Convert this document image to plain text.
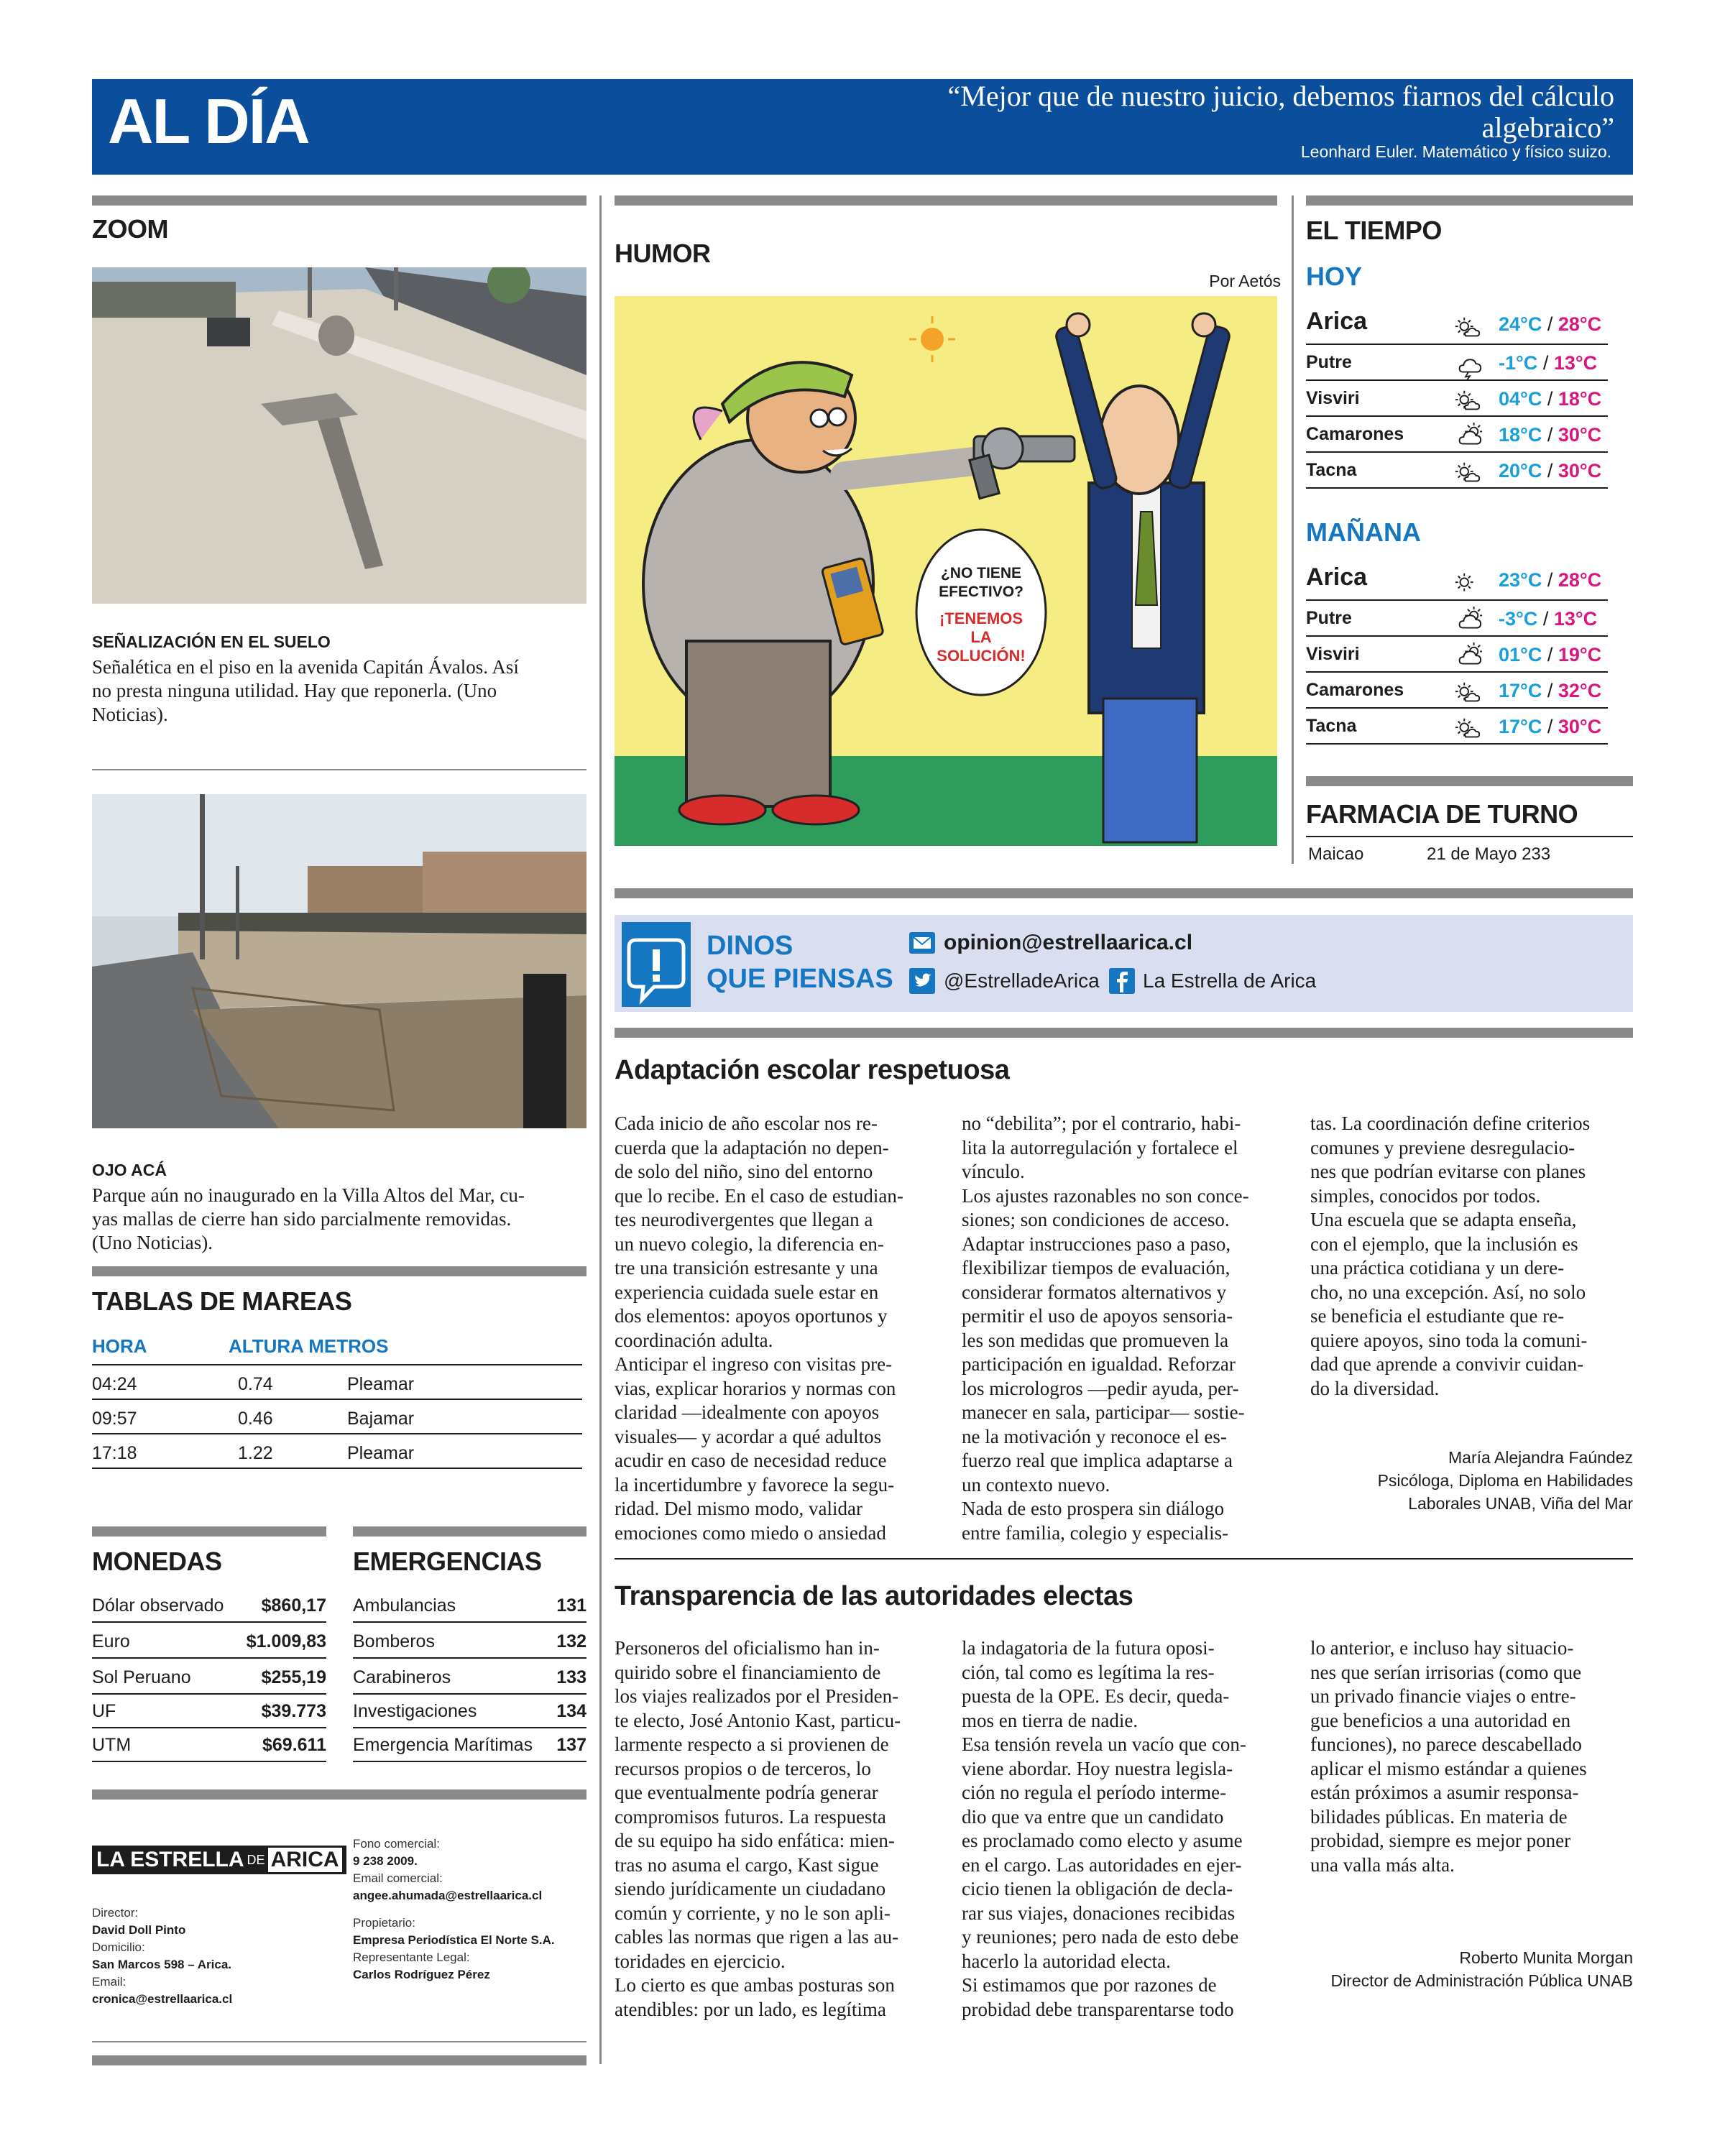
AL DÍA	“Mejor que de nuestro juicio, debemos fiarnos del cálculo
algebraico”
Leonhard Euler. Matemático y físico suizo.
ZOOM
SEÑALIZACIÓN EN EL SUELO
Señalética en el piso en la avenida Capitán Ávalos. Así
no presta ninguna utilidad. Hay que reponerla. (Uno
Noticias).
OJO ACÁ
Parque aún no inaugurado en la Villa Altos del Mar, cu-
yas mallas de cierre han sido parcialmente removidas.
(Uno Noticias).
TABLAS DE MAREAS
HORA	ALTURA METROS
04:24	0.74	Pleamar
09:57	0.46	Bajamar
17:18	1.22	Pleamar
MONEDAS
Dólar observado $860,17
Euro	$1.009,83
Sol Peruano	$255,19
UF	$39.773
UTM	$69.611
EMERGENCIAS
Ambulancias	131
Bomberos	132
Carabineros	133
Investigaciones	134
Emergencia Marítimas 137
LA ESTRELLA DE ARICA
Director:
David Doll Pinto
Domicilio:
San Marcos 598 – Arica.
Email:
cronica@estrellaarica.cl
Fono comercial:
9 238 2009.
Email comercial:
angee.ahumada@estrellaarica.cl
Propietario:
Empresa Periodística El Norte S.A.
Representante Legal:
Carlos Rodríguez Pérez
HUMOR
Por Aetós
¿NO TIENE
EFECTIVO?
¡TENEMOS
LA
SOLUCIÓN!
EL TIEMPO
HOY
Arica	24°C / 28°C
Putre	-1°C / 13°C
Visviri	04°C / 18°C
Camarones	18°C / 30°C
Tacna	20°C / 30°C
MAÑANA
Arica	23°C / 28°C
Putre	-3°C / 13°C
Visviri	01°C / 19°C
Camarones	17°C / 32°C
Tacna	17°C / 30°C
FARMACIA DE TURNO
Maicao	21 de Mayo 233
DINOS
QUE PIENSAS
opinion@estrellaarica.cl
@EstrelladeArica La Estrella de Arica
Adaptación escolar respetuosa
Cada inicio de año escolar nos re-
cuerda que la adaptación no depen-
de solo del niño, sino del entorno
que lo recibe. En el caso de estudian-
tes neurodivergentes que llegan a
un nuevo colegio, la diferencia en-
tre una transición estresante y una
experiencia cuidada suele estar en
dos elementos: apoyos oportunos y
coordinación adulta.
Anticipar el ingreso con visitas pre-
vias, explicar horarios y normas con
claridad —idealmente con apoyos
visuales— y acordar a qué adultos
acudir en caso de necesidad reduce
la incertidumbre y favorece la segu-
ridad. Del mismo modo, validar
emociones como miedo o ansiedad
no “debilita”; por el contrario, habi-
lita la autorregulación y fortalece el
vínculo.
Los ajustes razonables no son conce-
siones; son condiciones de acceso.
Adaptar instrucciones paso a paso,
flexibilizar tiempos de evaluación,
considerar formatos alternativos y
permitir el uso de apoyos sensoria-
les son medidas que promueven la
participación en igualdad. Reforzar
los micrologros —pedir ayuda, per-
manecer en sala, participar— sostie-
ne la motivación y reconoce el es-
fuerzo real que implica adaptarse a
un contexto nuevo.
Nada de esto prospera sin diálogo
entre familia, colegio y especialis-
tas. La coordinación define criterios
comunes y previene desregulacio-
nes que podrían evitarse con planes
simples, conocidos por todos.
Una escuela que se adapta enseña,
con el ejemplo, que la inclusión es
una práctica cotidiana y un dere-
cho, no una excepción. Así, no solo
se beneficia el estudiante que re-
quiere apoyos, sino toda la comuni-
dad que aprende a convivir cuidan-
do la diversidad.
María Alejandra Faúndez
Psicóloga, Diploma en Habilidades
Laborales UNAB, Viña del Mar
Transparencia de las autoridades electas
Personeros del oficialismo han in-
quirido sobre el financiamiento de
los viajes realizados por el Presiden-
te electo, José Antonio Kast, particu-
larmente respecto a si provienen de
recursos propios o de terceros, lo
que eventualmente podría generar
compromisos futuros. La respuesta
de su equipo ha sido enfática: mien-
tras no asuma el cargo, Kast sigue
siendo jurídicamente un ciudadano
común y corriente, y no le son apli-
cables las normas que rigen a las au-
toridades en ejercicio.
Lo cierto es que ambas posturas son
atendibles: por un lado, es legítima
la indagatoria de la futura oposi-
ción, tal como es legítima la res-
puesta de la OPE. Es decir, queda-
mos en tierra de nadie.
Esa tensión revela un vacío que con-
viene abordar. Hoy nuestra legisla-
ción no regula el período interme-
dio que va entre que un candidato
es proclamado como electo y asume
en el cargo. Las autoridades en ejer-
cicio tienen la obligación de decla-
rar sus viajes, donaciones recibidas
y reuniones; pero nada de esto debe
hacerlo la autoridad electa.
Si estimamos que por razones de
probidad debe transparentarse todo
lo anterior, e incluso hay situacio-
nes que serían irrisorias (como que
un privado financie viajes o entre-
gue beneficios a una autoridad en
funciones), no parece descabellado
aplicar el mismo estándar a quienes
están próximos a asumir responsa-
bilidades públicas. En materia de
probidad, siempre es mejor poner
una valla más alta.
Roberto Munita Morgan
Director de Administración Pública UNAB
